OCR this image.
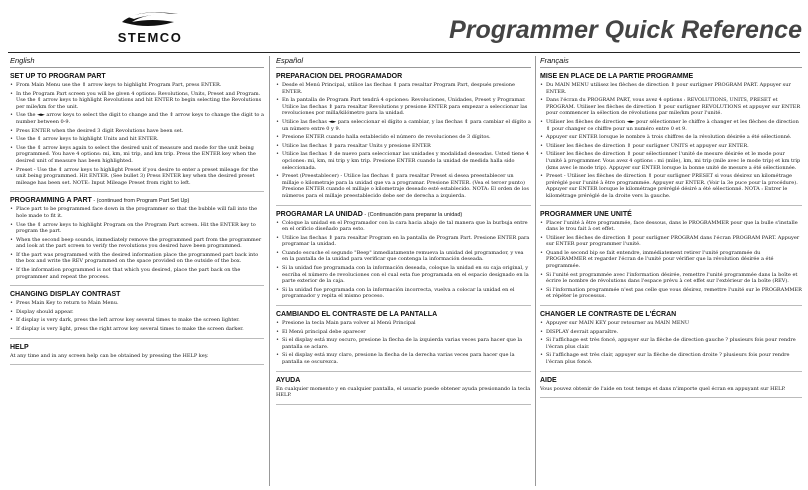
STEMCO	Programmer Quick Reference
English
SET UP TO PROGRAM PART
• From Main Menu use the ⇕ arrow keys to highlight Program Part, press ENTER.
• In the Program Part screen you will be given 4 options: Revolutions, Units, Preset and Program. Use the ⇕ arrow keys to highlight Revolutions and hit ENTER to begin selecting the Revolutions per mile/km for the unit.
• Use the ◄► arrow keys to select the digit to change and the ⇕ arrow keys to change the digit to a number between 0-9.
• Press ENTER when the desired 3 digit Revolutions have been set.
• Use the ⇕ arrow keys to highlight Units and hit ENTER.
• Use the ⇕ arrow keys again to select the desired unit of measure and mode for the unit being programmed. You have 4 options: mi, km, mi trip, and km trip. Press the ENTER key when the desired unit of measure has been highlighted.
• Preset - Use the ⇕ arrow keys to highlight Preset if you desire to enter a preset mileage for the unit being programmed. Hit ENTER. (See bullet 3) Press ENTER key when the desired preset mileage has been set. NOTE: Input Mileage Preset from right to left.
PROGRAMMING A PART - (continued from Program Part Set Up)
• Place part to be programmed face down in the programmer so that the bubble will fall into the hole made to fit it.
• Use the ⇕ arrow keys to highlight Program on the Program Part screen. Hit the ENTER key to program the part.
• When the second beep sounds, immediately remove the programmed part from the programmer and look at the part screen to verify the revolutions you desired have been programmed.
• If the part was programmed with the desired information place the programmed part back into the box and write the REV programmed on the space provided on the outside of the box.
• If the information programmed is not that which you desired, place the part back on the programmer and repeat the process.
CHANGING DISPLAY CONTRAST
• Press Main Key to return to Main Menu.
• Display should appear.
• If display is very dark, press the left arrow key several times to make the screen lighter.
• If display is very light, press the right arrow key several times to make the screen darker.
HELP

At any time and in any screen help can be obtained by pressing the HELP key.

Español
PREPARACION DEL PROGRAMADOR
• Desde el Menú Principal, utilice las flechas ⇕ para resaltar Program Part, después presione ENTER.
• En la pantalla de Program Part tendrá 4 opciones: Revoluciones, Unidades, Preset y Programar. Utilice las flechas ⇕ para resaltar Revolutions y presione ENTER para empezar a seleccionar las revoluciones por milla/kilómetro para la unidad.
• Utilice las flechas ◄► para seleccionar el dígito a cambiar, y las flechas ⇕ para cambiar el dígito a un número entre 0 y 9.
• Presione ENTER cuando halla establecido el número de revoluciones de 3 dígitos.
• Utilice las flechas ⇕ para resaltar Units y presione ENTER
• Utilice las flechas ⇕ de nuevo para seleccionar las unidades y modalidad deseadas. Usted tiene 4 opciones: mi, km, mi trip y km trip. Presione ENTER cuando la unidad de medida halla sido seleccionada.
• Preset (Preestablecer) - Utilice las flechas ⇕ para resaltar Preset si desea preestablecer un millaje o kilometraje para la unidad que va a programar. Presione ENTER. (Vea el tercer punto) Presione ENTER cuando el millaje o kilometraje deseado esté establecido. NOTA: El orden de los números para el millaje preestablecido debe ser de derecha a izquierda.
PROGRAMAR LA UNIDAD - (Continuación para preparar la unidad)
• Coloque la unidad en el Programador con la cara hacia abajo de tal manera que la burbuja entre en el orificio diseñado para esto.
• Utilice las flechas ⇕ para resaltar Program en la pantalla de Program Part. Presione ENTER para programar la unidad.
• Cuando escuche el segundo "Beep" inmediatamente remueva la unidad del programador, y vea en la pantalla de la unidad para verificar que contenga la información deseada.
• Si la unidad fue programada con la información deseada, coloque la unidad en su caja original, y escriba el número de revoluciones con el cual esta fue programada en el espacio designado en la parte exterior de la caja.
• Si la unidad fue programada con la información incorrecta, vuelva a colocar la unidad en el programador y repita el mismo proceso.
CAMBIANDO EL CONTRASTE DE LA PANTALLA
• Presione la tecla Main para volver al Menú Principal
• El Menú principal debe aparecer
• Si el display está muy oscuro, presione la flecha de la izquierda varias veces para hacer que la pantalla se aclare.
• Si el display está muy claro, presione la flecha de la derecha varias veces para hacer que la pantalla se oscurezca.
AYUDA

En cualquier momento y en cualquier pantalla, el usuario puede obtener ayuda presionando la tecla HELP.

Français
MISE EN PLACE DE LA PARTIE PROGRAMME
• Du MAIN MENU utilisez les flèches de direction ⇕ pour surligner PROGRAM PART. Appuyer sur ENTER.
• Dans l'écran du PROGRAM PART, vous avez 4 options : REVOLUTIONS, UNITS, PRESET et PROGRAM. Utiliser les flèches de direction ⇕ pour surligner REVOLUTIONS et appuyer sur ENTER pour commencer la sélection de révolutions par mile/km pour l'unité.
• Utiliser les flèches de direction ◄► pour sélectionner le chiffre à changer et les flèches de direction ⇕ pour changer ce chiffre pour un numéro entre 0 et 9.
• Appuyer sur ENTER lorsque le nombre à trois chiffres de la révolution désirée a été sélectionné.
• Utiliser les flèches de direction ⇕ pour surligner UNITS et appuyer sur ENTER.
• Utiliser les flèches de direction ⇕ pour sélectionner l'unité de mesure désirée et le mode pour l'unité à programmer. Vous avez 4 options : mi (mile), km, mi trip (mile avec le mode trip) et km trip (kms avec le mode trip). Appuyer sur ENTER lorsque la bonne unité de mesure a été sélectionnée.
• Preset - Utiliser les flèches de direction ⇕ pour surligner PRESET si vous désirez un kilométrage préréglé pour l'unité à être programmée. Appuyer sur ENTER. (Voir la 3e puce pour la procédure). Appuyer sur ENTER lorsque le kilométrage préréglé désiré a été sélectionné. NOTA : Entrer le kilométrage préréglé de la droite vers la gauche.
PROGRAMMER UNE UNITÉ
• Placer l'unité à être programmée, face dessous, dans le PROGRAMMER pour que la bulle s'installe dans le trou fait à cet effet.
• Utiliser les flèches de direction ⇕ pour surligner PROGRAM dans l'écran PROGRAM PART. Appuyer sur ENTER pour programmer l'unité.
• Quand le second bip se fait entendre, immédiatement retirer l'unité programmée du PROGRAMMER et regarder l'écran de l'unité pour vérifier que la révolution désirée a été programmée.
• Si l'unité est programmée avec l'information désirée, remettre l'unité programmée dans la boîte et écrire le nombre de révolutions dans l'espace prévu à cet effet sur l'extérieur de la boîte (REV).
• Si l'information programmée n'est pas celle que vous désirez, remettre l'unité sur le PROGRAMMER et répéter le processus.
CHANGER LE CONTRASTE DE L'ÉCRAN
• Appuyer sur MAIN KEY pour retourner au MAIN MENU
• DISPLAY devrait apparaître.
• Si l'affichage est très foncé, appuyer sur la flèche de direction gauche ? plusieurs fois pour rendre l'écran plus clair.
• Si l'affichage est très clair, appuyer sur la flèche de direction droite ? plusieurs fois pour rendre l'écran plus foncé.
AIDE

Vous pouvez obtenir de l'aide en tout temps et dans n'importe quel écran en appuyant sur HELP.
